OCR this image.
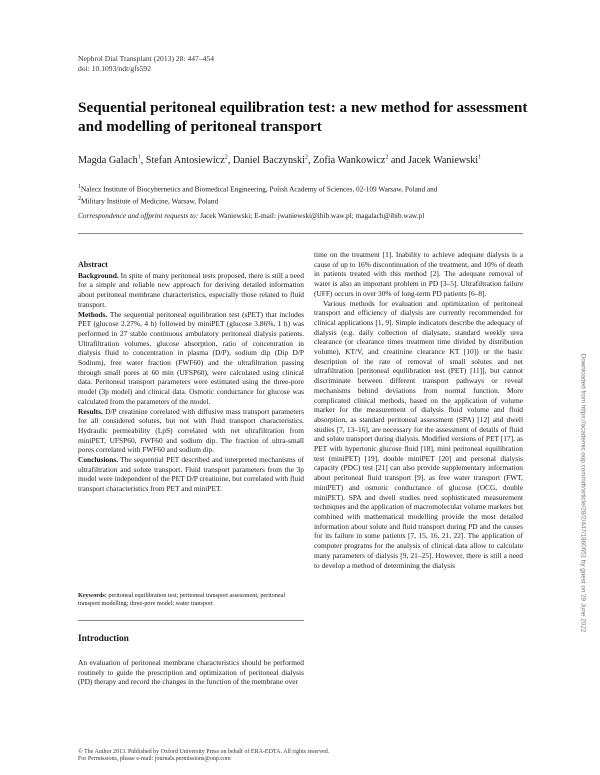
Nephrol Dial Transplant (2013) 28: 447–454
doi: 10.1093/ndt/gfs592
Sequential peritoneal equilibration test: a new method for assessment and modelling of peritoneal transport
Magda Galach$^1$, Stefan Antosiewicz$^2$, Daniel Baczynski$^2$, Zofia Wankowicz$^2$ and Jacek Waniewski$^1$
$^1$Nalecz Institute of Biocybernetics and Biomedical Engineering, Polish Academy of Sciences, 02-109 Warsaw, Poland and
$^2$Military Institute of Medicine, Warsaw, Poland
Correspondence and offprint requests to: Jacek Waniewski; E-mail: jwaniewski@ibib.waw.pl; magalach@ibib.waw.pl
Abstract

Background. In spite of many peritoneal tests proposed, there is still a need for a simple and reliable new approach for deriving detailed information about peritoneal membrane characteristics, especially those related to fluid transport.

Methods. The sequential peritoneal equilibration test (sPET) that includes PET (glucose 2.27%, 4 h) followed by miniPET (glucose 3.86%, 1 h) was performed in 27 stable continuous ambulatory peritoneal dialysis patients. Ultrafiltration volumes, glucose absorption, ratio of concentration in dialysis fluid to concentration in plasma (D/P), sodium dip (Dip D/P Sodium), free water fraction (FWF60) and the ultrafiltration passing through small pores at 60 min (UFSP60), were calculated using clinical data. Peritoneal transport parameters were estimated using the three-pore model (3p model) and clinical data. Osmotic conductance for glucose was calculated from the parameters of the model.

Results. D/P creatinine correlated with diffusive mass transport parameters for all considered solutes, but not with fluid transport characteristics. Hydraulic permeability (LpS) correlated with net ultrafiltration from miniPET, UFSP60, FWF60 and sodium dip. The fraction of ultra-small pores correlated with FWF60 and sodium dip.

Conclusions. The sequential PET described and interpreted mechanisms of ultrafiltration and solute transport. Fluid transport parameters from the 3p model were independent of the PET D/P creatinine, but correlated with fluid transport characteristics from PET and miniPET.

Keywords: peritoneal equilibration test; peritoneal transport assessment; peritoneal transport modelling; three-pore model; water transport
Introduction

An evaluation of peritoneal membrane characteristics should be performed routinely to guide the prescription and optimization of peritoneal dialysis (PD) therapy and record the changes in the function of the membrane over

time on the treatment [1]. Inability to achieve adequate dialysis is a cause of up to 16% discontinuation of the treatment, and 10% of death in patients treated with this method [2]. The adequate removal of water is also an important problem in PD [3–5]. Ultrafiltration failure (UFF) occurs in over 30% of long-term PD patients [6–8].

Various methods for evaluation and optimization of peritoneal transport and efficiency of dialysis are currently recommended for clinical applications [1, 9]. Simple indicators describe the adequacy of dialysis (e.g. daily collection of dialysate, standard weekly urea clearance (or clearance times treatment time divided by distribution volume), KT/V, and creatinine clearance KT [10]) or the basic description of the rate of removal of small solutes and net ultrafiltration [peritoneal equilibration test (PET) [11]], but cannot discriminate between different transport pathways or reveal mechanisms behind deviations from normal function. More complicated clinical methods, based on the application of volume marker for the measurement of dialysis fluid volume and fluid absorption, as standard peritoneal assessment (SPA) [12] and dwell studies [7, 13–16], are necessary for the assessment of details of fluid and solute transport during dialysis. Modified versions of PET [17], as PET with hypertonic glucose fluid [18], mini peritoneal equilibration test (miniPET) [19], double miniPET [20] and personal dialysis capacity (PDC) test [21] can also provide supplementary information about peritoneal fluid transport [9], as free water transport (FWT, miniPET) and osmotic conductance of glucose (OCG, double miniPET). SPA and dwell studies need sophisticated measurement techniques and the application of macromolecular volume markers but combined with mathematical modelling provide the most detailed information about solute and fluid transport during PD and the causes for its failure in some patients [7, 15, 16, 21, 22]. The application of computer programs for the analysis of clinical data allow to calculate many parameters of dialysis [9, 21–25]. However, there is still a need to develop a method of determining the dialysis

© The Author 2013. Published by Oxford University Press on behalf of ERA-EDTA. All rights reserved.
For Permissions, please e-mail: journals.permissions@oup.com
Downloaded from https://academic.oup.com/ndt/article/28/2/447/1860651 by guest on 29 June 2022
